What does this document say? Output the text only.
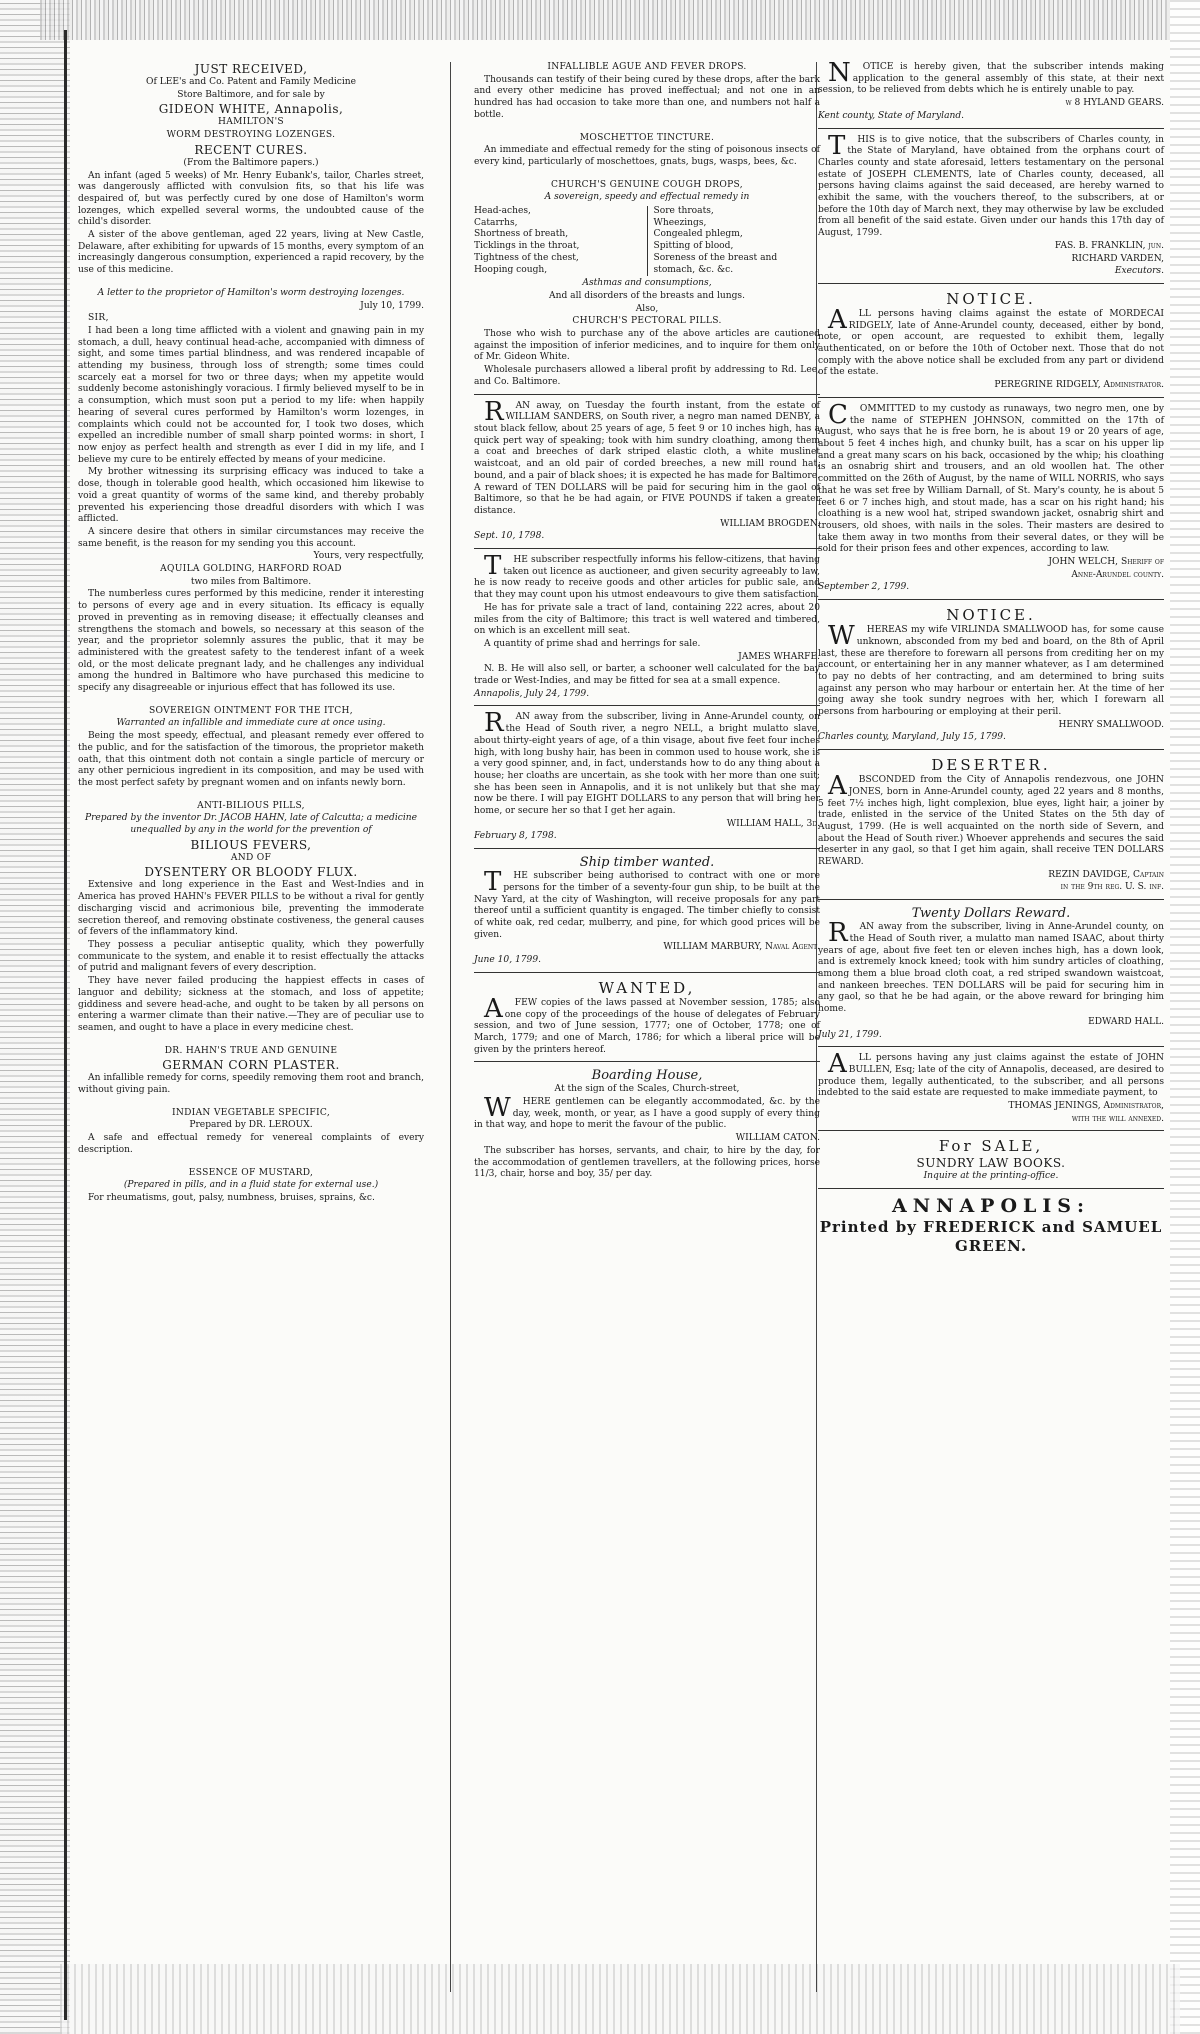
JUST RECEIVED,

Of LEE's and Co. Patent and Family Medicine

Store Baltimore, and for sale by

GIDEON WHITE, Annapolis,

HAMILTON'S

WORM DESTROYING LOZENGES.

RECENT CURES.

(From the Baltimore papers.)

An infant (aged 5 weeks) of Mr. Henry Eubank's, tailor, Charles street, was dangerously afflicted with convulsion fits, so that his life was despaired of, but was perfectly cured by one dose of Hamilton's worm lozenges, which expelled several worms, the undoubted cause of the child's disorder.

A sister of the above gentleman, aged 22 years, living at New Castle, Delaware, after exhibiting for upwards of 15 months, every symptom of an increasingly dangerous consumption, experienced a rapid recovery, by the use of this medicine.

A letter to the proprietor of Hamilton's worm destroying lozenges.

July 10, 1799.

SIR,

I had been a long time afflicted with a violent and gnawing pain in my stomach, a dull, heavy continual head-ache, accompanied with dimness of sight, and some times partial blindness, and was rendered incapable of attending my business, through loss of strength; some times could scarcely eat a morsel for two or three days; when my appetite would suddenly become astonishingly voracious. I firmly believed myself to be in a consumption, which must soon put a period to my life: when happily hearing of several cures performed by Hamilton's worm lozenges, in complaints which could not be accounted for, I took two doses, which expelled an incredible number of small sharp pointed worms: in short, I now enjoy as perfect health and strength as ever I did in my life, and I believe my cure to be entirely effected by means of your medicine.

My brother witnessing its surprising efficacy was induced to take a dose, though in tolerable good health, which occasioned him likewise to void a great quantity of worms of the same kind, and thereby probably prevented his experiencing those dreadful disorders with which I was afflicted.

A sincere desire that others in similar circumstances may receive the same benefit, is the reason for my sending you this account.

Yours, very respectfully,

AQUILA GOLDING, HARFORD ROAD

two miles from Baltimore.

The numberless cures performed by this medicine, render it interesting to persons of every age and in every situation. Its efficacy is equally proved in preventing as in removing disease; it effectually cleanses and strengthens the stomach and bowels, so necessary at this season of the year, and the proprietor solemnly assures the public, that it may be administered with the greatest safety to the tenderest infant of a week old, or the most delicate pregnant lady, and he challenges any individual among the hundred in Baltimore who have purchased this medicine to specify any disagreeable or injurious effect that has followed its use.

SOVEREIGN OINTMENT FOR THE ITCH,

Warranted an infallible and immediate cure at once using.

Being the most speedy, effectual, and pleasant remedy ever offered to the public, and for the satisfaction of the timorous, the proprietor maketh oath, that this ointment doth not contain a single particle of mercury or any other pernicious ingredient in its composition, and may be used with the most perfect safety by pregnant women and on infants newly born.

ANTI-BILIOUS PILLS,

Prepared by the inventor Dr. JACOB HAHN, late of Calcutta; a medicine unequalled by any in the world for the prevention of

BILIOUS FEVERS,

AND OF

DYSENTERY OR BLOODY FLUX.

Extensive and long experience in the East and West-Indies and in America has proved HAHN's FEVER PILLS to be without a rival for gently discharging viscid and acrimonious bile, preventing the immoderate secretion thereof, and removing obstinate costiveness, the general causes of fevers of the inflammatory kind.

They possess a peculiar antiseptic quality, which they powerfully communicate to the system, and enable it to resist effectually the attacks of putrid and malignant fevers of every description.

They have never failed producing the happiest effects in cases of languor and debility; sickness at the stomach, and loss of appetite; giddiness and severe head-ache, and ought to be taken by all persons on entering a warmer climate than their native.—They are of peculiar use to seamen, and ought to have a place in every medicine chest.

DR. HAHN'S TRUE AND GENUINE

GERMAN CORN PLASTER.

An infallible remedy for corns, speedily removing them root and branch, without giving pain.

INDIAN VEGETABLE SPECIFIC,

Prepared by DR. LEROUX.

A safe and effectual remedy for venereal complaints of every description.

ESSENCE OF MUSTARD,

(Prepared in pills, and in a fluid state for external use.)

For rheumatisms, gout, palsy, numbness, bruises, sprains, &c.

INFALLIBLE AGUE AND FEVER DROPS.

Thousands can testify of their being cured by these drops, after the bark and every other medicine has proved ineffectual; and not one in an hundred has had occasion to take more than one, and numbers not half a bottle.

MOSCHETTOE TINCTURE.

An immediate and effectual remedy for the sting of poisonous insects of every kind, particularly of moschettoes, gnats, bugs, wasps, bees, &c.

CHURCH'S GENUINE COUGH DROPS,

A sovereign, speedy and effectual remedy in

Head-aches,
Catarrhs,
Shortness of breath,
Ticklings in the throat,
Tightness of the chest,
Hooping cough,
Sore throats,
Wheezings,
Congealed phlegm,
Spitting of blood,
Soreness of the breast and
stomach, &c. &c.

Asthmas and consumptions,

And all disorders of the breasts and lungs.

Also,

CHURCH'S PECTORAL PILLS.

Those who wish to purchase any of the above articles are cautioned against the imposition of inferior medicines, and to inquire for them only of Mr. Gideon White.

Wholesale purchasers allowed a liberal profit by addressing to Rd. Lee, and Co. Baltimore.

RAN away, on Tuesday the fourth instant, from the estate of WILLIAM SANDERS, on South river, a negro man named DENBY, a stout black fellow, about 25 years of age, 5 feet 9 or 10 inches high, has a quick pert way of speaking; took with him sundry cloathing, among them a coat and breeches of dark striped elastic cloth, a white muslinet waistcoat, and an old pair of corded breeches, a new mill round hat, bound, and a pair of black shoes; it is expected he has made for Baltimore. A reward of TEN DOLLARS will be paid for securing him in the gaol of Baltimore, so that he be had again, or FIVE POUNDS if taken a greater distance.

WILLIAM BROGDEN.

Sept. 10, 1798.

THE subscriber respectfully informs his fellow-citizens, that having taken out licence as auctioneer, and given security agreeably to law, he is now ready to receive goods and other articles for public sale, and that they may count upon his utmost endeavours to give them satisfaction.

He has for private sale a tract of land, containing 222 acres, about 20 miles from the city of Baltimore; this tract is well watered and timbered, on which is an excellent mill seat.

A quantity of prime shad and herrings for sale.

JAMES WHARFE.

N. B. He will also sell, or barter, a schooner well calculated for the bay trade or West-Indies, and may be fitted for sea at a small expence.

Annapolis, July 24, 1799.

RAN away from the subscriber, living in Anne-Arundel county, on the Head of South river, a negro NELL, a bright mulatto slave, about thirty-eight years of age, of a thin visage, about five feet four inches high, with long bushy hair, has been in common used to house work, she is a very good spinner, and, in fact, understands how to do any thing about a house; her cloaths are uncertain, as she took with her more than one suit; she has been seen in Annapolis, and it is not unlikely but that she may now be there. I will pay EIGHT DOLLARS to any person that will bring her home, or secure her so that I get her again.

WILLIAM HALL, 3d.

February 8, 1798.

Ship timber wanted.

THE subscriber being authorised to contract with one or more persons for the timber of a seventy-four gun ship, to be built at the Navy Yard, at the city of Washington, will receive proposals for any part thereof until a sufficient quantity is engaged. The timber chiefly to consist of white oak, red cedar, mulberry, and pine, for which good prices will be given.

WILLIAM MARBURY, Naval Agent.

June 10, 1799.

WANTED,

AFEW copies of the laws passed at November session, 1785; also one copy of the proceedings of the house of delegates of February session, and two of June session, 1777; one of October, 1778; one of March, 1779; and one of March, 1786; for which a liberal price will be given by the printers hereof.

Boarding House,

At the sign of the Scales, Church-street,

WHERE gentlemen can be elegantly accommodated, &c. by the day, week, month, or year, as I have a good supply of every thing in that way, and hope to merit the favour of the public.

WILLIAM CATON.

The subscriber has horses, servants, and chair, to hire by the day, for the accommodation of gentlemen travellers, at the following prices, horse 11/3, chair, horse and boy, 35/ per day.

NOTICE is hereby given, that the subscriber intends making application to the general assembly of this state, at their next session, to be relieved from debts which he is entirely unable to pay.

w 8 HYLAND GEARS.

Kent county, State of Maryland.

THIS is to give notice, that the subscribers of Charles county, in the State of Maryland, have obtained from the orphans court of Charles county and state aforesaid, letters testamentary on the personal estate of JOSEPH CLEMENTS, late of Charles county, deceased, all persons having claims against the said deceased, are hereby warned to exhibit the same, with the vouchers thereof, to the subscribers, at or before the 10th day of March next, they may otherwise by law be excluded from all benefit of the said estate. Given under our hands this 17th day of August, 1799.

FAS. B. FRANKLIN, jun.

RICHARD VARDEN,

Executors.

NOTICE.

ALL persons having claims against the estate of MORDECAI RIDGELY, late of Anne-Arundel county, deceased, either by bond, note, or open account, are requested to exhibit them, legally authenticated, on or before the 10th of October next. Those that do not comply with the above notice shall be excluded from any part or dividend of the estate.

PEREGRINE RIDGELY, Administrator.

COMMITTED to my custody as runaways, two negro men, one by the name of STEPHEN JOHNSON, committed on the 17th of August, who says that he is free born, he is about 19 or 20 years of age, about 5 feet 4 inches high, and chunky built, has a scar on his upper lip and a great many scars on his back, occasioned by the whip; his cloathing is an osnabrig shirt and trousers, and an old woollen hat. The other committed on the 26th of August, by the name of WILL NORRIS, who says that he was set free by William Darnall, of St. Mary's county, he is about 5 feet 6 or 7 inches high, and stout made, has a scar on his right hand; his cloathing is a new wool hat, striped swandown jacket, osnabrig shirt and trousers, old shoes, with nails in the soles. Their masters are desired to take them away in two months from their several dates, or they will be sold for their prison fees and other expences, according to law.

JOHN WELCH, Sheriff of

Anne-Arundel county.

September 2, 1799.

NOTICE.

WHEREAS my wife VIRLINDA SMALLWOOD has, for some cause unknown, absconded from my bed and board, on the 8th of April last, these are therefore to forewarn all persons from crediting her on my account, or entertaining her in any manner whatever, as I am determined to pay no debts of her contracting, and am determined to bring suits against any person who may harbour or entertain her. At the time of her going away she took sundry negroes with her, which I forewarn all persons from harbouring or employing at their peril.

HENRY SMALLWOOD.

Charles county, Maryland, July 15, 1799.

DESERTER.

ABSCONDED from the City of Annapolis rendezvous, one JOHN JONES, born in Anne-Arundel county, aged 22 years and 8 months, 5 feet 7½ inches high, light complexion, blue eyes, light hair, a joiner by trade, enlisted in the service of the United States on the 5th day of August, 1799. (He is well acquainted on the north side of Severn, and about the Head of South river.) Whoever apprehends and secures the said deserter in any gaol, so that I get him again, shall receive TEN DOLLARS REWARD.

REZIN DAVIDGE, Captain

in the 9th reg. U. S. inf.

Twenty Dollars Reward.

RAN away from the subscriber, living in Anne-Arundel county, on the Head of South river, a mulatto man named ISAAC, about thirty years of age, about five feet ten or eleven inches high, has a down look, and is extremely knock kneed; took with him sundry articles of cloathing, among them a blue broad cloth coat, a red striped swandown waistcoat, and nankeen breeches. TEN DOLLARS will be paid for securing him in any gaol, so that he be had again, or the above reward for bringing him home.

EDWARD HALL.

July 21, 1799.

ALL persons having any just claims against the estate of JOHN BULLEN, Esq; late of the city of Annapolis, deceased, are desired to produce them, legally authenticated, to the subscriber, and all persons indebted to the said estate are requested to make immediate payment, to

THOMAS JENINGS, Administrator,

with the will annexed.

For SALE,
SUNDRY LAW BOOKS.

Inquire at the printing-office.

ANNAPOLIS:
Printed by FREDERICK and SAMUEL GREEN.
